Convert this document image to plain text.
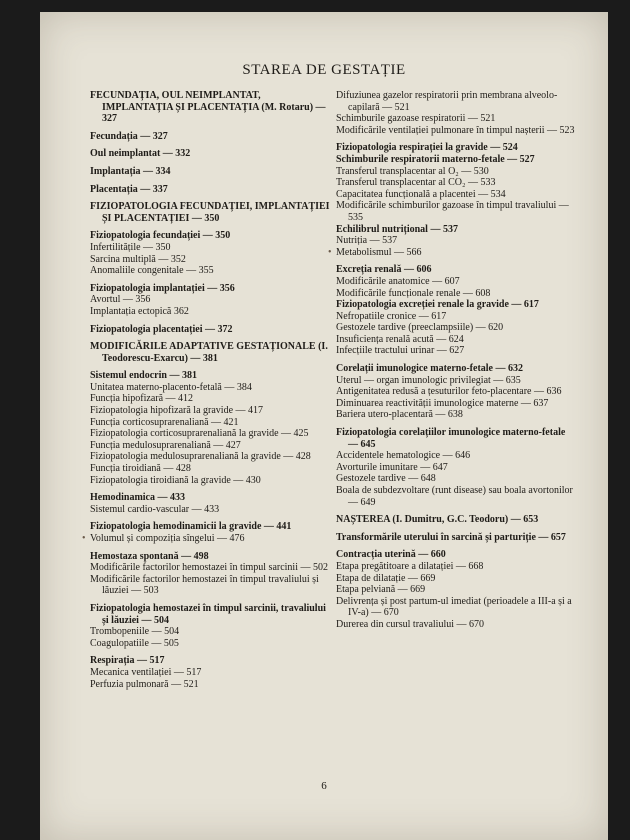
STAREA DE GESTAȚIE

FECUNDAȚIA, OUL NEIMPLANTAT, IMPLANTAȚIA ȘI PLACENTAȚIA (M. Rotaru) — 327

Fecundația — 327

Oul neimplantat — 332

Implantația — 334

Placentația — 337

FIZIOPATOLOGIA FECUNDAȚIEI, IMPLANTAȚIEI ȘI PLACENTAȚIEI — 350

Fiziopatologia fecundației — 350

Infertilitățile — 350

Sarcina multiplă — 352

Anomaliile congenitale — 355

Fiziopatologia implantației — 356

Avortul — 356

Implantația ectopică 362

Fiziopatologia placentației — 372

MODIFICĂRILE ADAPTATIVE GESTAȚIONALE (I. Teodorescu-Exarcu) — 381

Sistemul endocrin — 381

Unitatea materno-placento-fetală — 384

Funcția hipofizară — 412

Fiziopatologia hipofizară la gravide — 417

Funcția corticosuprarenaliană — 421

Fiziopatologia corticosuprarenaliană la gravide — 425

Funcția medulosuprarenaliană — 427

Fiziopatologia medulosuprarenaliană la gravide — 428

Funcția tiroidiană — 428

Fiziopatologia tiroidiană la gravide — 430

Hemodinamica — 433

Sistemul cardio-vascular — 433

Fiziopatologia hemodinamicii la gravide — 441

• Volumul și compoziția sîngelui — 476

Hemostaza spontană — 498

Modificările factorilor hemostazei în timpul sarcinii — 502

Modificările factorilor hemostazei în timpul travaliului și lăuziei — 503

Fiziopatologia hemostazei în timpul sarcinii, travaliului și lăuziei — 504

Trombopeniile — 504

Coagulopatiile — 505

Respirația — 517

Mecanica ventilației — 517

Perfuzia pulmonară — 521

Difuziunea gazelor respiratorii prin membrana alveolo-capilară — 521

Schimburile gazoase respiratorii — 521

Modificările ventilației pulmonare în timpul nașterii — 523

Fiziopatologia respirației la gravide — 524

Schimburile respiratorii materno-fetale — 527

Transferul transplacentar al O₂ — 530

Transferul transplacentar al CO₂ — 533

Capacitatea funcțională a placentei — 534

Modificările schimburilor gazoase în timpul travaliului — 535

Echilibrul nutrițional — 537

Nutriția — 537

• Metabolismul — 566

Excreția renală — 606

Modificările anatomice — 607

Modificările funcționale renale — 608

Fiziopatologia excreției renale la gravide — 617

Nefropatiile cronice — 617

Gestozele tardive (preeclampsiile) — 620

Insuficiența renală acută — 624

Infecțiile tractului urinar — 627

Corelații imunologice materno-fetale — 632

Uterul — organ imunologic privilegiat — 635

Antigenitatea redusă a țesuturilor feto-placentare — 636

Diminuarea reactivității imunologice materne — 637

Bariera utero-placentară — 638

Fiziopatologia corelațiilor imunologice materno-fetale — 645

Accidentele hematologice — 646

Avorturile imunitare — 647

Gestozele tardive — 648

Boala de subdezvoltare (runt disease) sau boala avortonilor — 649

NAȘTEREA (I. Dumitru, G.C. Teodoru) — 653

Transformările uterului în sarcină și parturiție — 657

Contracția uterină — 660

Etapa pregătitoare a dilatației — 668

Etapa de dilatație — 669

Etapa pelviană — 669

Delivrența și post partum-ul imediat (perioadele a III-a și a IV-a) — 670

Durerea din cursul travaliului — 670

6
